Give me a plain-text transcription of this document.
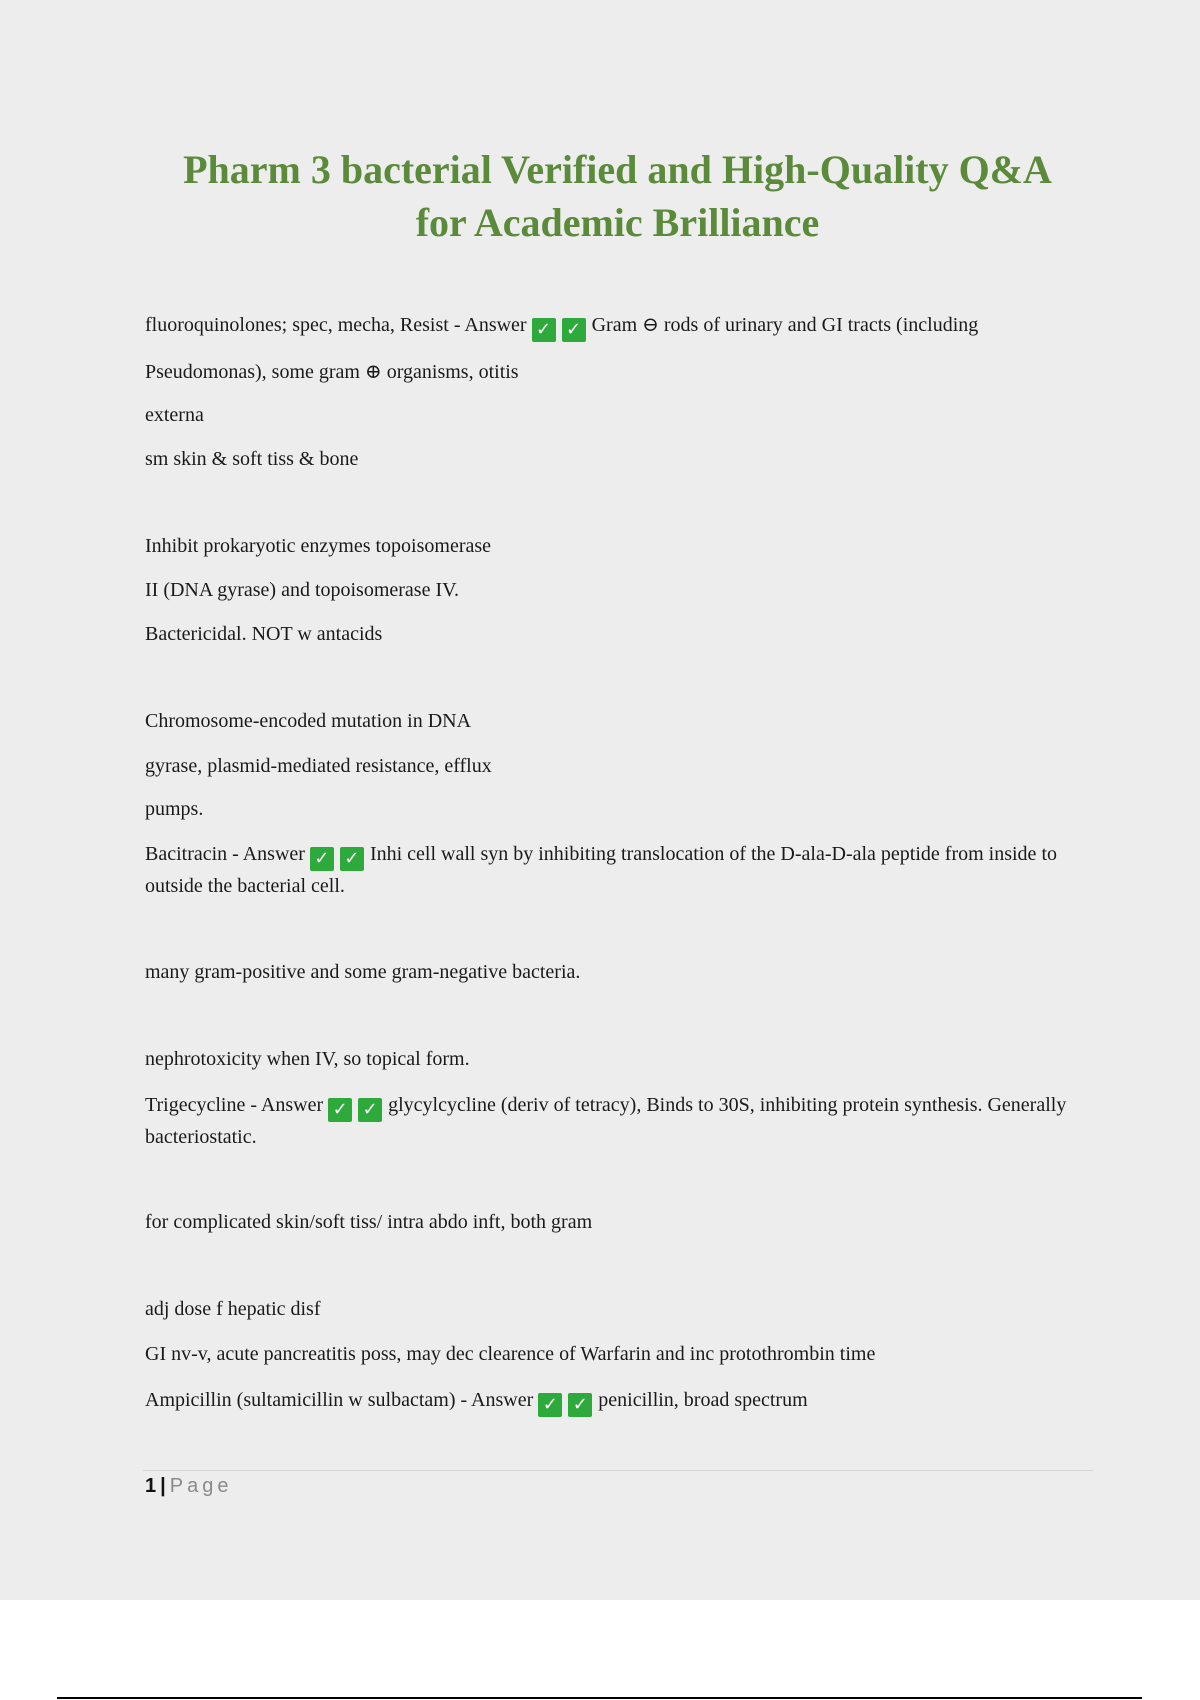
Pharm 3 bacterial Verified and High-Quality Q&A
for Academic Brilliance
fluoroquinolones; spec, mecha, Resist - Answer ✓ ✓ Gram ⊖ rods of urinary and GI tracts (including
Pseudomonas), some gram ⊕ organisms, otitis
externa
sm skin & soft tiss & bone
Inhibit prokaryotic enzymes topoisomerase
II (DNA gyrase) and topoisomerase IV.
Bactericidal. NOT w antacids
Chromosome-encoded mutation in DNA
gyrase, plasmid-mediated resistance, efflux
pumps.
Bacitracin - Answer ✓ ✓ Inhi cell wall syn by inhibiting translocation of the D-ala-D-ala peptide from inside to outside the bacterial cell.
many gram-positive and some gram-negative bacteria.
nephrotoxicity when IV, so topical form.
Trigecycline - Answer ✓ ✓ glycylcycline (deriv of tetracy), Binds to 30S, inhibiting protein synthesis. Generally bacteriostatic.
for complicated skin/soft tiss/ intra abdo inft, both gram
adj dose f hepatic disf
GI nv-v, acute pancreatitis poss, may dec clearence of Warfarin and inc protothrombin time
Ampicillin (sultamicillin w sulbactam) - Answer ✓ ✓ penicillin, broad spectrum
1 | Page
